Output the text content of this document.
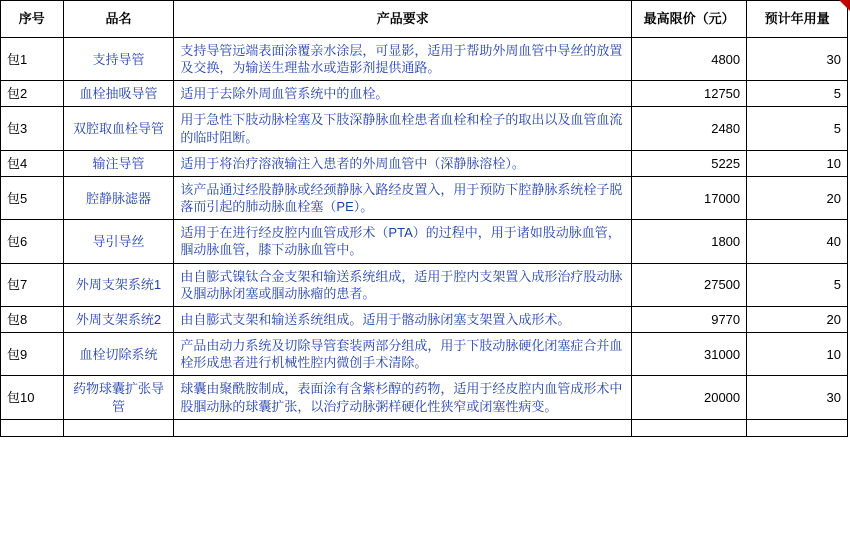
序号	品名	产品要求	最高限价（元）	预计年用量
包1	支持导管	支持导管远端表面涂覆亲水涂层，可显影，适用于帮助外周血管中导丝的放置及交换，为输送生理盐水或造影剂提供通路。	4800	30
包2	血栓抽吸导管	适用于去除外周血管系统中的血栓。	12750	5
包3	双腔取血栓导管	用于急性下肢动脉栓塞及下肢深静脉血栓患者血栓和栓子的取出以及血管血流的临时阻断。	2480	5
包4	输注导管	适用于将治疗溶液输注入患者的外周血管中（深静脉溶栓）。	5225	10
包5	腔静脉滤器	该产品通过经股静脉或经颈静脉入路经皮置入，用于预防下腔静脉系统栓子脱落而引起的肺动脉血栓塞（PE）。	17000	20
包6	导引导丝	适用于在进行经皮腔内血管成形术（PTA）的过程中，用于诸如股动脉血管，腘动脉血管，膝下动脉血管中。	1800	40
包7	外周支架系统1	由自膨式镍钛合金支架和输送系统组成，适用于腔内支架置入成形治疗股动脉及腘动脉闭塞或腘动脉瘤的患者。	27500	5
包8	外周支架系统2	由自膨式支架和输送系统组成。适用于髂动脉闭塞支架置入成形术。	9770	20
包9	血栓切除系统	产品由动力系统及切除导管套装两部分组成，用于下肢动脉硬化闭塞症合并血栓形成患者进行机械性腔内微创手术清除。	31000	10
包10	药物球囊扩张导管	球囊由聚酰胺制成，表面涂有含紫杉醇的药物，适用于经皮腔内血管成形术中股腘动脉的球囊扩张，以治疗动脉粥样硬化性狭窄或闭塞性病变。	20000	30
